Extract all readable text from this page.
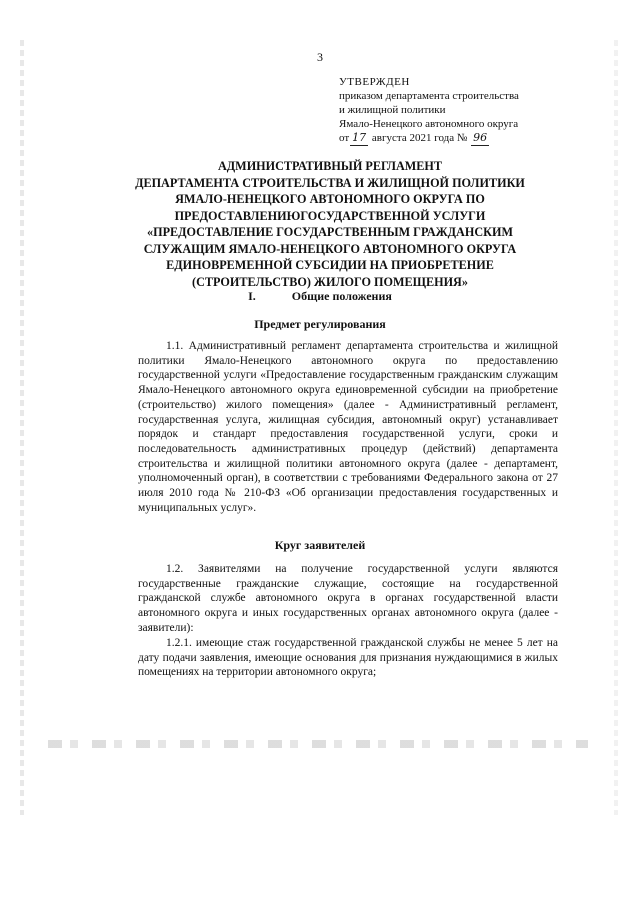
3
УТВЕРЖДЕН
приказом департамента строительства
и жилищной политики
Ямало-Ненецкого автономного округа
от 17 августа 2021 года № 96
АДМИНИСТРАТИВНЫЙ РЕГЛАМЕНТ
ДЕПАРТАМЕНТА СТРОИТЕЛЬСТВА И ЖИЛИЩНОЙ ПОЛИТИКИ
ЯМАЛО-НЕНЕЦКОГО АВТОНОМНОГО ОКРУГА ПО
ПРЕДОСТАВЛЕНИЮГОСУДАРСТВЕННОЙ УСЛУГИ
«ПРЕДОСТАВЛЕНИЕ ГОСУДАРСТВЕННЫМ ГРАЖДАНСКИМ
СЛУЖАЩИМ ЯМАЛО-НЕНЕЦКОГО АВТОНОМНОГО ОКРУГА
ЕДИНОВРЕМЕННОЙ СУБСИДИИ НА ПРИОБРЕТЕНИЕ
(СТРОИТЕЛЬСТВО) ЖИЛОГО ПОМЕЩЕНИЯ»
I.	Общие положения
Предмет регулирования

1.1. Административный регламент департамента строительства и жилищной политики Ямало-Ненецкого автономного округа по предоставлению государственной услуги «Предоставление государственным гражданским служащим Ямало-Ненецкого автономного округа единовременной субсидии на приобретение (строительство) жилого помещения» (далее - Административный регламент, государственная услуга, жилищная субсидия, автономный округ) устанавливает порядок и стандарт предоставления государственной услуги, сроки и последовательность административных процедур (действий) департамента строительства и жилищной политики автономного округа (далее - департамент, уполномоченный орган), в соответствии с требованиями Федерального закона от 27 июля 2010 года № 210-ФЗ «Об организации предоставления государственных и муниципальных услуг».

Круг заявителей

1.2. Заявителями на получение государственной услуги являются государственные гражданские служащие, состоящие на государственной гражданской службе автономного округа в органах государственной власти автономного округа и иных государственных органах автономного округа (далее - заявители):

1.2.1. имеющие стаж государственной гражданской службы не менее 5 лет на дату подачи заявления, имеющие основания для признания нуждающимися в жилых помещениях на территории автономного округа;
